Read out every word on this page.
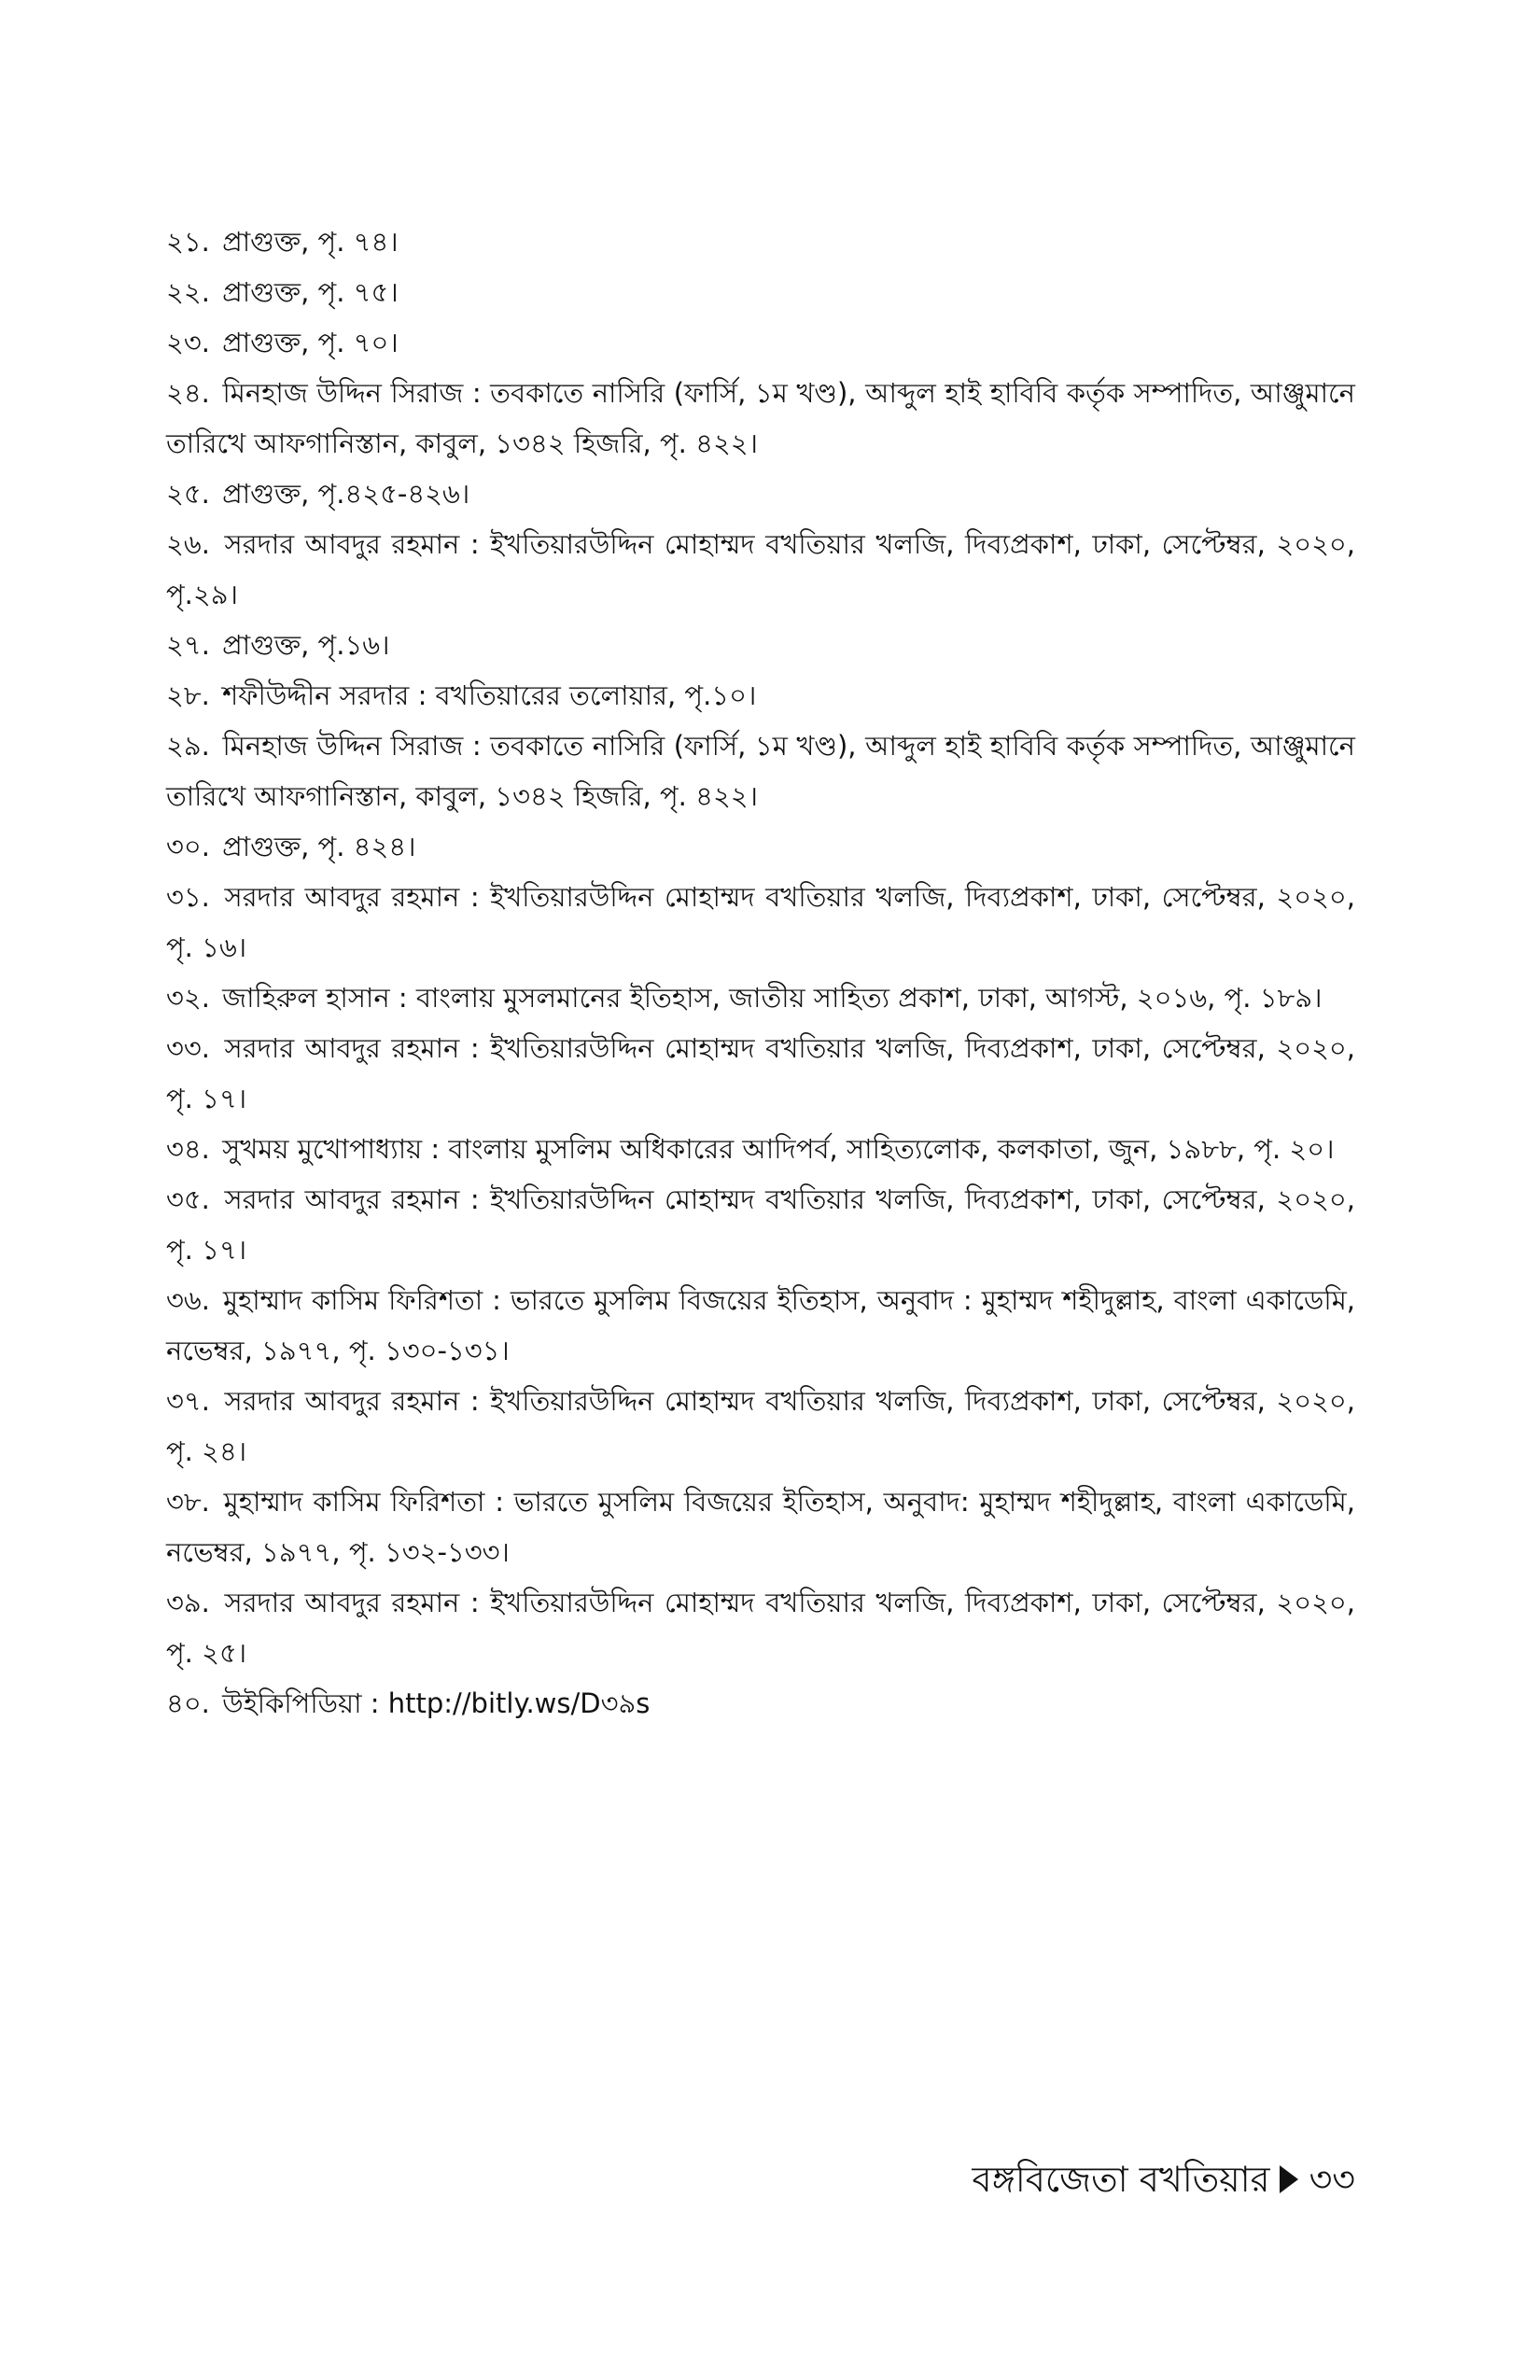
২১. প্রাগুক্ত, পৃ. ৭৪।
২২. প্রাগুক্ত, পৃ. ৭৫।
২৩. প্রাগুক্ত, পৃ. ৭০।
২৪. মিনহাজ উদ্দিন সিরাজ : তবকাতে নাসিরি (ফার্সি, ১ম খণ্ড), আব্দুল হাই হাবিবি কর্তৃক সম্পাদিত, আঞ্জুমানে তারিখে আফগানিস্তান, কাবুল, ১৩৪২ হিজরি, পৃ. ৪২২।
২৫. প্রাগুক্ত, পৃ.৪২৫-৪২৬।
২৬. সরদার আবদুর রহমান : ইখতিয়ারউদ্দিন মোহাম্মদ বখতিয়ার খলজি, দিব্যপ্রকাশ, ঢাকা, সেপ্টেম্বর, ২০২০, পৃ.২৯।
২৭. প্রাগুক্ত, পৃ.১৬।
২৮. শফীউদ্দীন সরদার : বখতিয়ারের তলোয়ার, পৃ.১০।
২৯. মিনহাজ উদ্দিন সিরাজ : তবকাতে নাসিরি (ফার্সি, ১ম খণ্ড), আব্দুল হাই হাবিবি কর্তৃক সম্পাদিত, আঞ্জুমানে তারিখে আফগানিস্তান, কাবুল, ১৩৪২ হিজরি, পৃ. ৪২২।
৩০. প্রাগুক্ত, পৃ. ৪২৪।
৩১. সরদার আবদুর রহমান : ইখতিয়ারউদ্দিন মোহাম্মদ বখতিয়ার খলজি, দিব্যপ্রকাশ, ঢাকা, সেপ্টেম্বর, ২০২০, পৃ. ১৬।
৩২. জাহিরুল হাসান : বাংলায় মুসলমানের ইতিহাস, জাতীয় সাহিত্য প্রকাশ, ঢাকা, আগস্ট, ২০১৬, পৃ. ১৮৯।
৩৩. সরদার আবদুর রহমান : ইখতিয়ারউদ্দিন মোহাম্মদ বখতিয়ার খলজি, দিব্যপ্রকাশ, ঢাকা, সেপ্টেম্বর, ২০২০, পৃ. ১৭।
৩৪. সুখময় মুখোপাধ্যায় : বাংলায় মুসলিম অধিকারের আদিপর্ব, সাহিত্যলোক, কলকাতা, জুন, ১৯৮৮, পৃ. ২০।
৩৫. সরদার আবদুর রহমান : ইখতিয়ারউদ্দিন মোহাম্মদ বখতিয়ার খলজি, দিব্যপ্রকাশ, ঢাকা, সেপ্টেম্বর, ২০২০, পৃ. ১৭।
৩৬. মুহাম্মাদ কাসিম ফিরিশতা : ভারতে মুসলিম বিজয়ের ইতিহাস, অনুবাদ : মুহাম্মদ শহীদুল্লাহ, বাংলা একাডেমি, নভেম্বর, ১৯৭৭, পৃ. ১৩০-১৩১।
৩৭. সরদার আবদুর রহমান : ইখতিয়ারউদ্দিন মোহাম্মদ বখতিয়ার খলজি, দিব্যপ্রকাশ, ঢাকা, সেপ্টেম্বর, ২০২০, পৃ. ২৪।
৩৮. মুহাম্মাদ কাসিম ফিরিশতা : ভারতে মুসলিম বিজয়ের ইতিহাস, অনুবাদ: মুহাম্মদ শহীদুল্লাহ, বাংলা একাডেমি, নভেম্বর, ১৯৭৭, পৃ. ১৩২-১৩৩।
৩৯. সরদার আবদুর রহমান : ইখতিয়ারউদ্দিন মোহাম্মদ বখতিয়ার খলজি, দিব্যপ্রকাশ, ঢাকা, সেপ্টেম্বর, ২০২০, পৃ. ২৫।
৪০. উইকিপিডিয়া : http://bitly.ws/D৩৯s
বঙ্গবিজেতা বখতিয়ার ৩৩
